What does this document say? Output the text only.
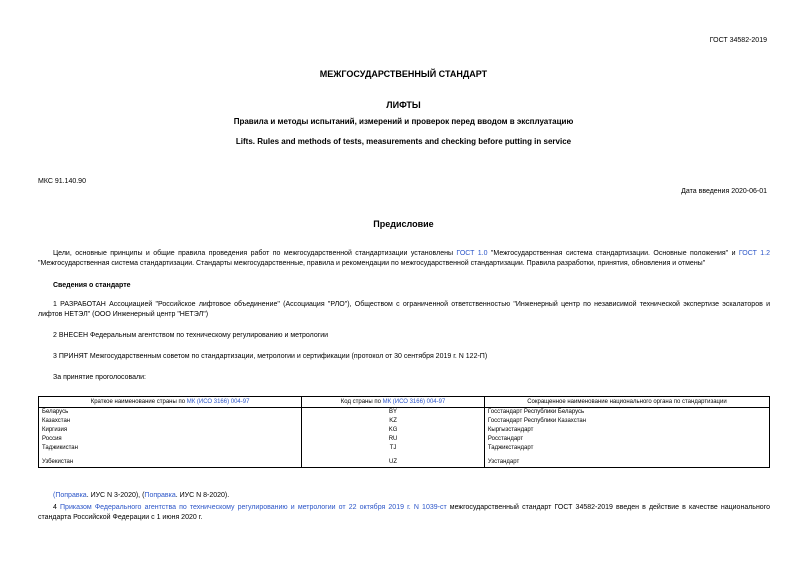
ГОСТ 34582-2019
МЕЖГОСУДАРСТВЕННЫЙ СТАНДАРТ
ЛИФТЫ
Правила и методы испытаний, измерений и проверок перед вводом в эксплуатацию
Lifts. Rules and methods of tests, measurements and checking before putting in service
МКС 91.140.90
Дата введения 2020-06-01
Предисловие
Цели, основные принципы и общие правила проведения работ по межгосударственной стандартизации установлены ГОСТ 1.0 "Межгосударственная система стандартизации. Основные положения" и ГОСТ 1.2 "Межгосударственная система стандартизации. Стандарты межгосударственные, правила и рекомендации по межгосударственной стандартизации. Правила разработки, принятия, обновления и отмены"
Сведения о стандарте
1 РАЗРАБОТАН Ассоциацией "Российское лифтовое объединение" (Ассоциация "РЛО"), Обществом с ограниченной ответственностью "Инженерный центр по независимой технической экспертизе эскалаторов и лифтов НЕТЭЛ" (ООО Инженерный центр "НЕТЭЛ")
2 ВНЕСЕН Федеральным агентством по техническому регулированию и метрологии
3 ПРИНЯТ Межгосударственным советом по стандартизации, метрологии и сертификации (протокол от 30 сентября 2019 г. N 122-П)
За принятие проголосовали:
Краткое наименование страны по МК (ИСО 3166) 004-97	Код страны по МК (ИСО 3166) 004-97	Сокращенное наименование национального органа по стандартизации
Беларусь	BY	Госстандарт Республики Беларусь
Казахстан	KZ	Госстандарт Республики Казахстан
Киргизия	KG	Кыргызстандарт
Россия	RU	Росстандарт
Таджикистан	TJ	Таджикстандарт
Узбекистан	UZ	Узстандарт
(Поправка. ИУС N 3-2020), (Поправка. ИУС N 8-2020).
4 Приказом Федерального агентства по техническому регулированию и метрологии от 22 октября 2019 г. N 1039-ст межгосударственный стандарт ГОСТ 34582-2019 введен в действие в качестве национального стандарта Российской Федерации с 1 июня 2020 г.
